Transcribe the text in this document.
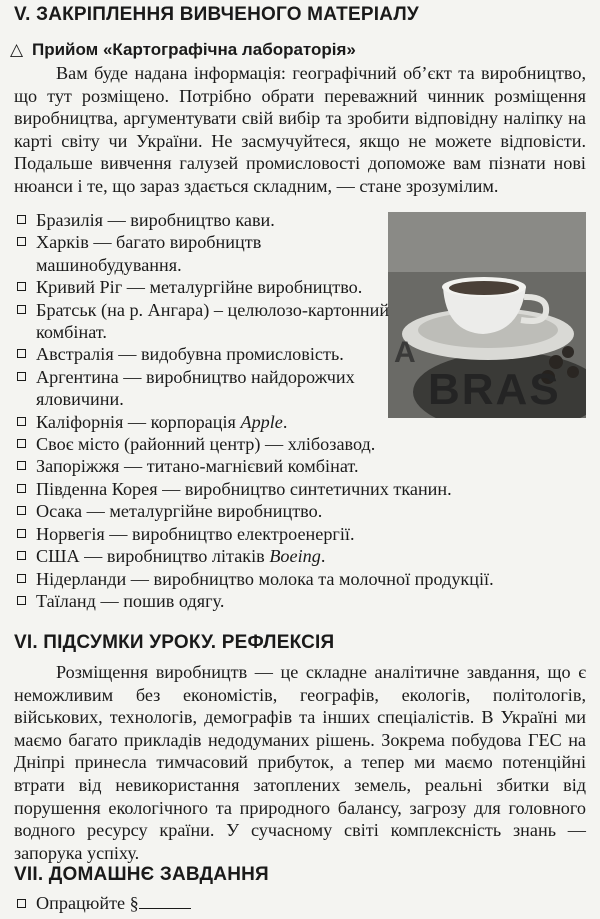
V. ЗАКРІПЛЕННЯ ВИВЧЕНОГО МАТЕРІАЛУ
△ Прийом «Картографічна лабораторія»

Вам буде надана інформація: географічний об’єкт та виробництво, що тут розміщено. Потрібно обрати переважний чинник розміщення виробництва, аргументувати свій вибір та зробити відповідну наліпку на карті світу чи України. Не засмучуйтеся, якщо не можете відповісти. Подальше вивчення галузей промисловості допоможе вам пізнати нові нюанси і те, що зараз здається складним, — стане зрозумілим.

A
BRAS
Бразилія — виробництво кави.
Харків — багато виробництв машинобудування.
Кривий Ріг — металургійне виробництво.
Братськ (на р. Ангара) – целюлозо-картонний комбінат.
Австралія — видобувна промисловість.
Аргентина — виробництво найдорожчих яловичини.
Каліфорнія — корпорація Apple.
Своє місто (районний центр) — хлібозавод.
Запоріжжя — титано-магнієвий комбінат.
Південна Корея — виробництво синтетичних тканин.
Осака — металургійне виробництво.
Норвегія — виробництво електроенергії.
США — виробництво літаків Boeing.
Нідерланди — виробництво молока та молочної продукції.
Таїланд — пошив одягу.
VI. ПІДСУМКИ УРОКУ. РЕФЛЕКСІЯ

Розміщення виробництв — це складне аналітичне завдання, що є неможливим без економістів, географів, екологів, політологів, військових, технологів, демографів та інших спеціалістів. В Україні ми маємо багато прикладів недодуманих рішень. Зокрема побудова ГЕС на Дніпрі принесла тимчасовий прибуток, а тепер ми маємо потенційні втрати від невикористання затоплених земель, реальні збитки від порушення екологічного та природного балансу, загрозу для головного водного ресурсу країни. У сучасному світі комплексність знань — запорука успіху.

VII. ДОМАШНЄ ЗАВДАННЯ
Опрацюйте §
